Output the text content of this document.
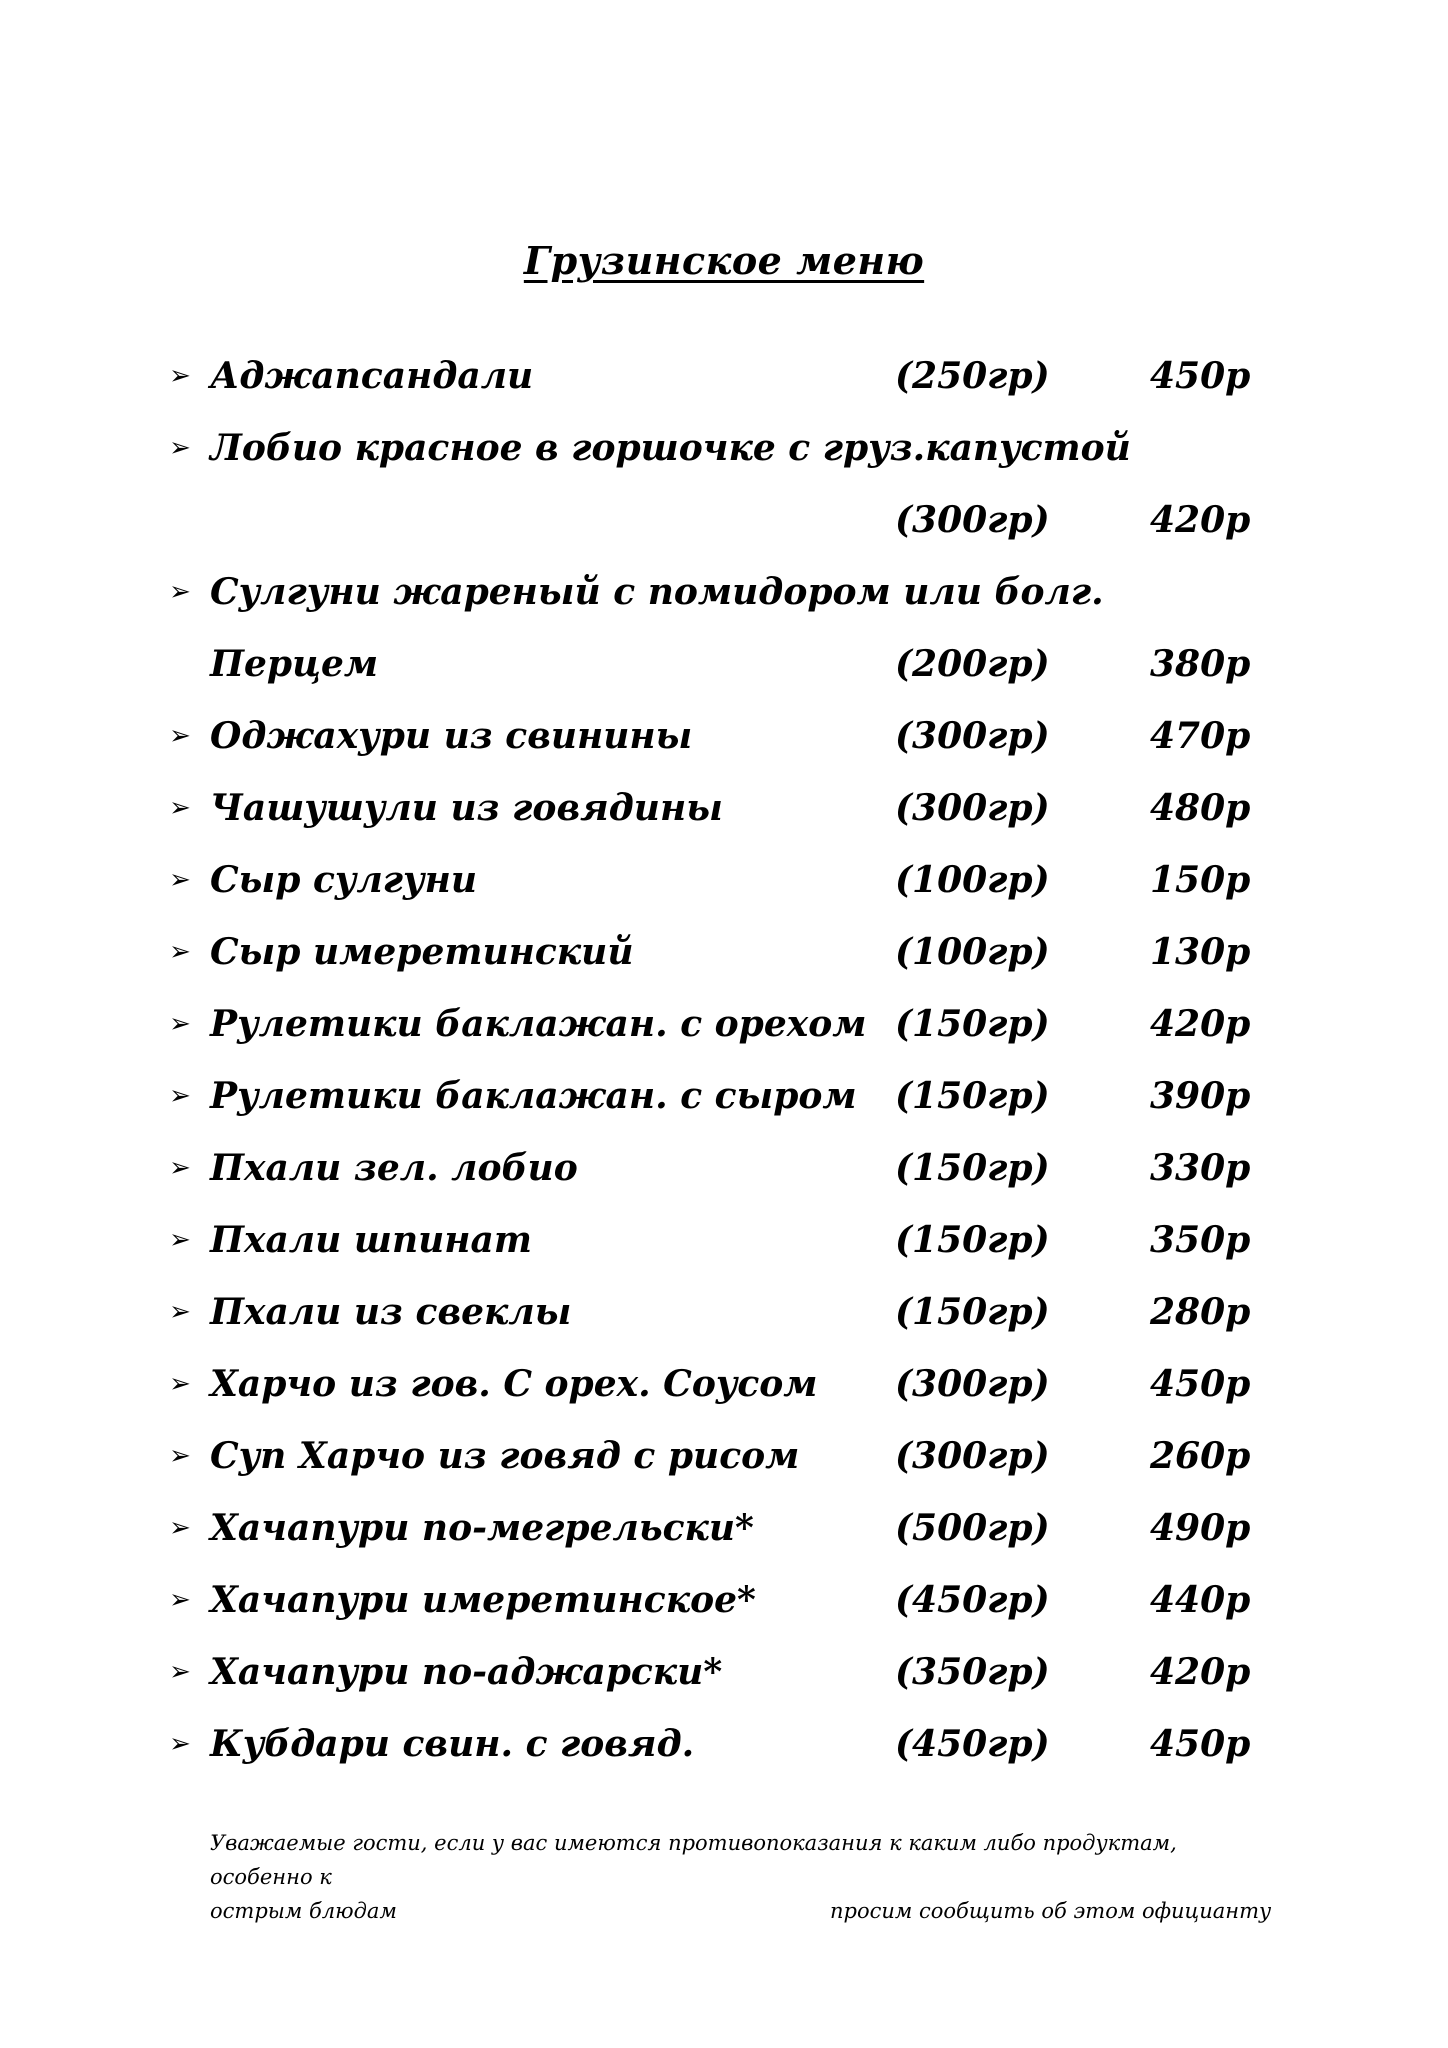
Грузинское меню
➢ Аджапсандали	(250гр)	450р
➢ Лобио красное в горшочке с груз.капустой
(300гр)	420р
➢ Сулгуни жареный с помидором или болг.
Перцем	(200гр)	380р
➢ Оджахури из свинины	(300гр)	470р
➢ Чашушули из говядины	(300гр)	480р
➢ Сыр сулгуни	(100гр)	150р
➢ Сыр имеретинский	(100гр)	130р
➢ Рулетики баклажан. с орехом (150гр)	420р
➢ Рулетики баклажан. с сыром (150гр)	390р
➢ Пхали зел. лобио	(150гр)	330р
➢ Пхали шпинат	(150гр)	350р
➢ Пхали из свеклы	(150гр)	280р
➢ Харчо из гов. С орех. Соусом (300гр)	450р
➢ Суп Харчо из говяд с рисом	(300гр)	260р
➢ Хачапури по-мегрельски*	(500гр)	490р
➢ Хачапури имеретинское*	(450гр)	440р
➢ Хачапури по-аджарски*	(350гр)	420р
➢ Кубдари свин. с говяд.	(450гр)	450р
Уважаемые гости, если у вас имеются противопоказания к каким либо продуктам, особенно к
острым блюдам	просим сообщить об этом официанту
